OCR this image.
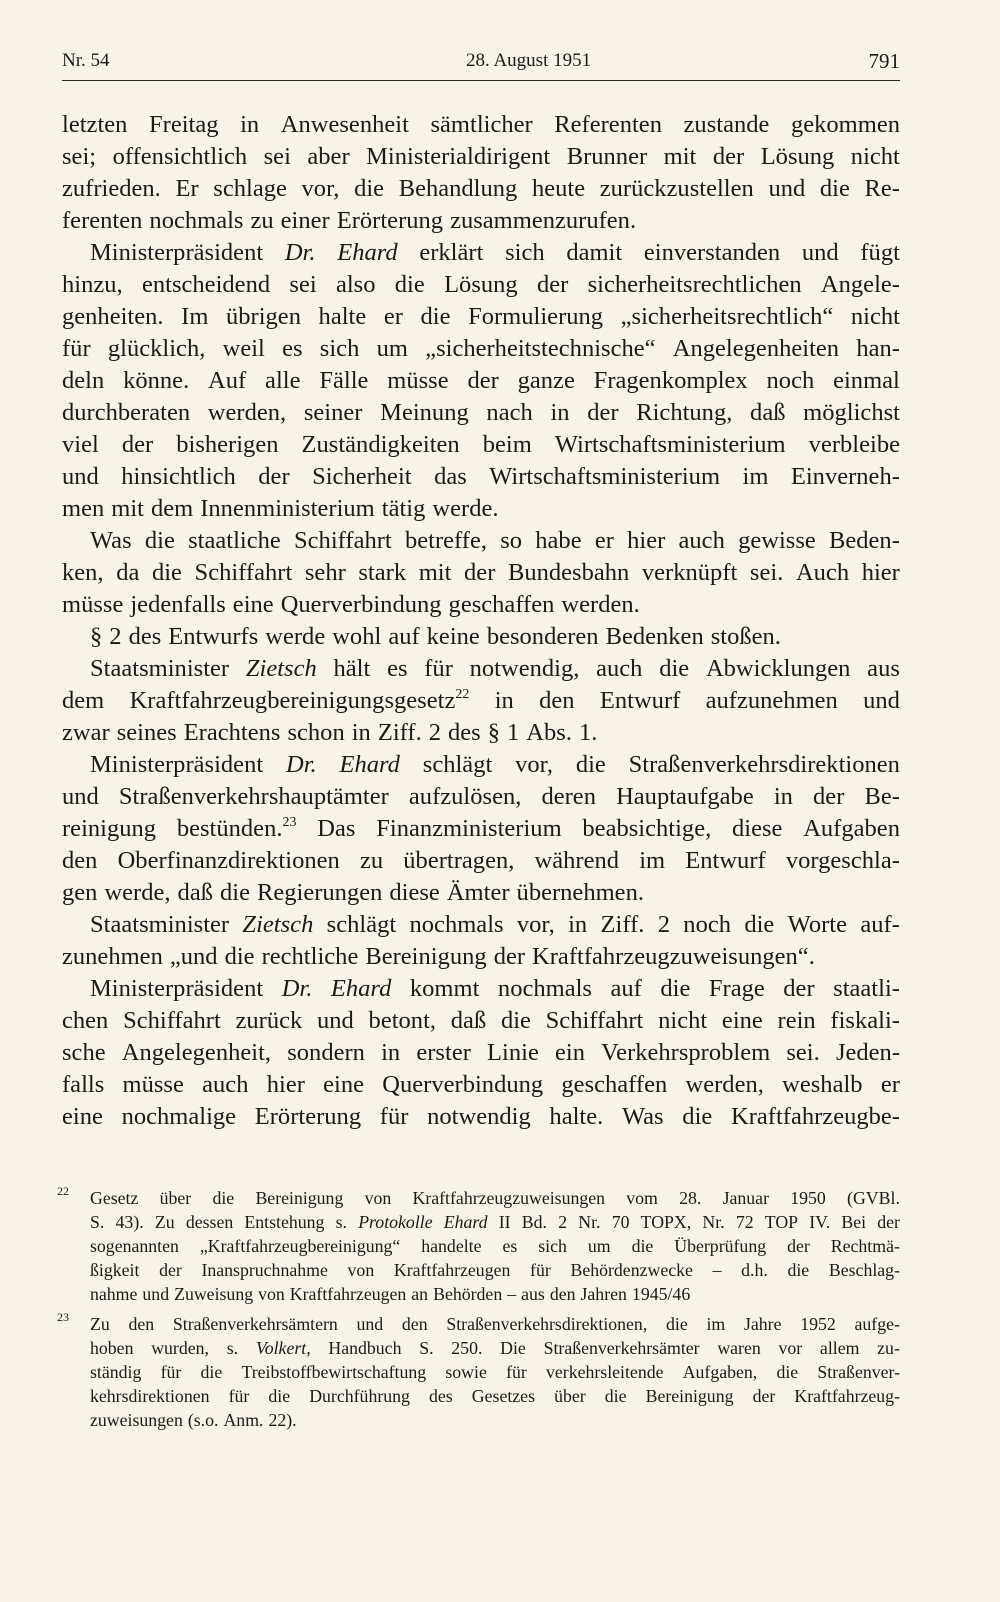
Nr. 54	28. August 1951	791
letzten Freitag in Anwesenheit sämtlicher Referenten zustande gekommen
sei; offensichtlich sei aber Ministerialdirigent Brunner mit der Lösung nicht
zufrieden. Er schlage vor, die Behandlung heute zurückzustellen und die Re-
ferenten nochmals zu einer Erörterung zusammenzurufen.
Ministerpräsident Dr. Ehard erklärt sich damit einverstanden und fügt
hinzu, entscheidend sei also die Lösung der sicherheitsrechtlichen Angele-
genheiten. Im übrigen halte er die Formulierung „sicherheitsrechtlich“ nicht
für glücklich, weil es sich um „sicherheitstechnische“ Angelegenheiten han-
deln könne. Auf alle Fälle müsse der ganze Fragenkomplex noch einmal
durchberaten werden, seiner Meinung nach in der Richtung, daß möglichst
viel der bisherigen Zuständigkeiten beim Wirtschaftsministerium verbleibe
und hinsichtlich der Sicherheit das Wirtschaftsministerium im Einverneh-
men mit dem Innenministerium tätig werde.
Was die staatliche Schiffahrt betreffe, so habe er hier auch gewisse Beden-
ken, da die Schiffahrt sehr stark mit der Bundesbahn verknüpft sei. Auch hier
müsse jedenfalls eine Querverbindung geschaffen werden.
§ 2 des Entwurfs werde wohl auf keine besonderen Bedenken stoßen.
Staatsminister Zietsch hält es für notwendig, auch die Abwicklungen aus
dem Kraftfahrzeugbereinigungsgesetz$^{22}$ in den Entwurf aufzunehmen und
zwar seines Erachtens schon in Ziff. 2 des § 1 Abs. 1.
Ministerpräsident Dr. Ehard schlägt vor, die Straßenverkehrsdirektionen
und Straßenverkehrshauptämter aufzulösen, deren Hauptaufgabe in der Be-
reinigung bestünden.$^{23}$ Das Finanzministerium beabsichtige, diese Aufgaben
den Oberfinanzdirektionen zu übertragen, während im Entwurf vorgeschla-
gen werde, daß die Regierungen diese Ämter übernehmen.
Staatsminister Zietsch schlägt nochmals vor, in Ziff. 2 noch die Worte auf-
zunehmen „und die rechtliche Bereinigung der Kraftfahrzeugzuweisungen“.
Ministerpräsident Dr. Ehard kommt nochmals auf die Frage der staatli-
chen Schiffahrt zurück und betont, daß die Schiffahrt nicht eine rein fiskali-
sche Angelegenheit, sondern in erster Linie ein Verkehrsproblem sei. Jeden-
falls müsse auch hier eine Querverbindung geschaffen werden, weshalb er
eine nochmalige Erörterung für notwendig halte. Was die Kraftfahrzeugbe-
22 Gesetz über die Bereinigung von Kraftfahrzeugzuweisungen vom 28. Januar 1950 (GVBl.
S. 43). Zu dessen Entstehung s. Protokolle Ehard II Bd. 2 Nr. 70 TOPX, Nr. 72 TOP IV. Bei der
sogenannten „Kraftfahrzeugbereinigung“ handelte es sich um die Überprüfung der Rechtmä-
ßigkeit der Inanspruchnahme von Kraftfahrzeugen für Behördenzwecke – d.h. die Beschlag-
nahme und Zuweisung von Kraftfahrzeugen an Behörden – aus den Jahren 1945/46
23 Zu den Straßenverkehrsämtern und den Straßenverkehrsdirektionen, die im Jahre 1952 aufge-
hoben wurden, s. Volkert, Handbuch S. 250. Die Straßenverkehrsämter waren vor allem zu-
ständig für die Treibstoffbewirtschaftung sowie für verkehrsleitende Aufgaben, die Straßenver-
kehrsdirektionen für die Durchführung des Gesetzes über die Bereinigung der Kraftfahrzeug-
zuweisungen (s.o. Anm. 22).
